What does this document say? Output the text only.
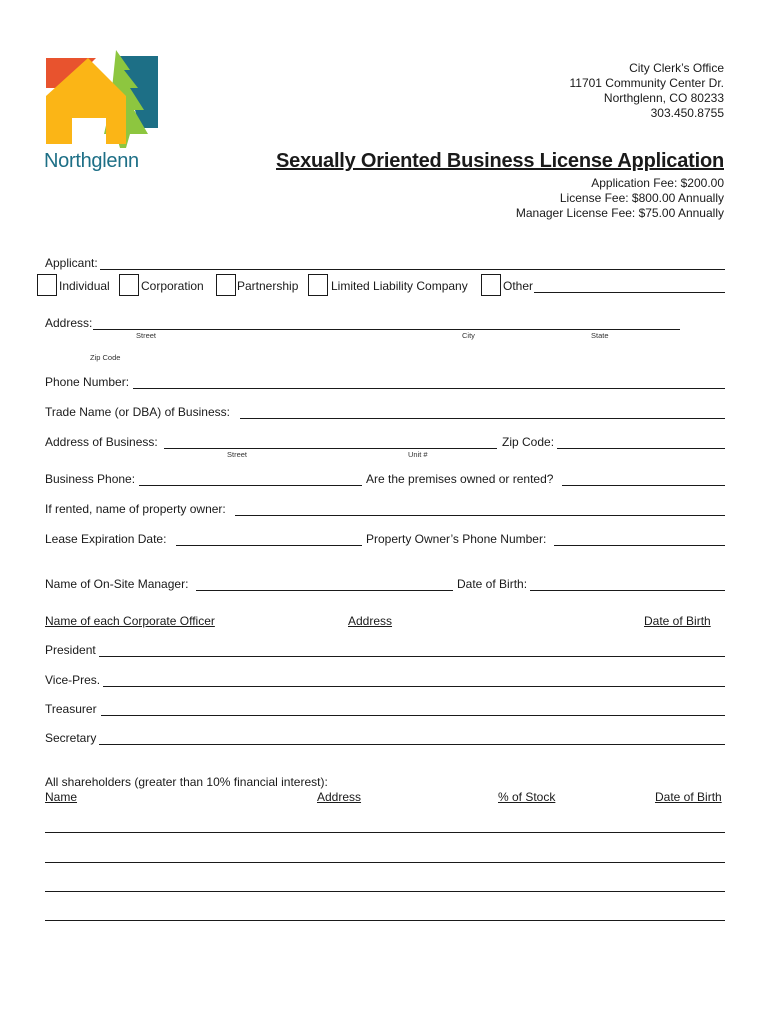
Northglenn
City Clerk’s Office
11701 Community Center Dr.
Northglenn, CO 80233
303.450.8755
Sexually Oriented Business License Application
Application Fee: $200.00
License Fee: $800.00 Annually
Manager License Fee: $75.00 Annually
Applicant:
Individual	Corporation	Partnership	Limited Liability Company	Other
Address:
Street	City	State
Zip Code
Phone Number:
Trade Name (or DBA) of Business:
Address of Business:	Zip Code:
Street	Unit #
Business Phone:	Are the premises owned or rented?
If rented, name of property owner:
Lease Expiration Date:	Property Owner’s Phone Number:
Name of On-Site Manager:	Date of Birth:
Name of each Corporate Officer	Address	Date of Birth
President
Vice-Pres.
Treasurer
Secretary
All shareholders (greater than 10% financial interest):
Name	Address	% of Stock	Date of Birth
